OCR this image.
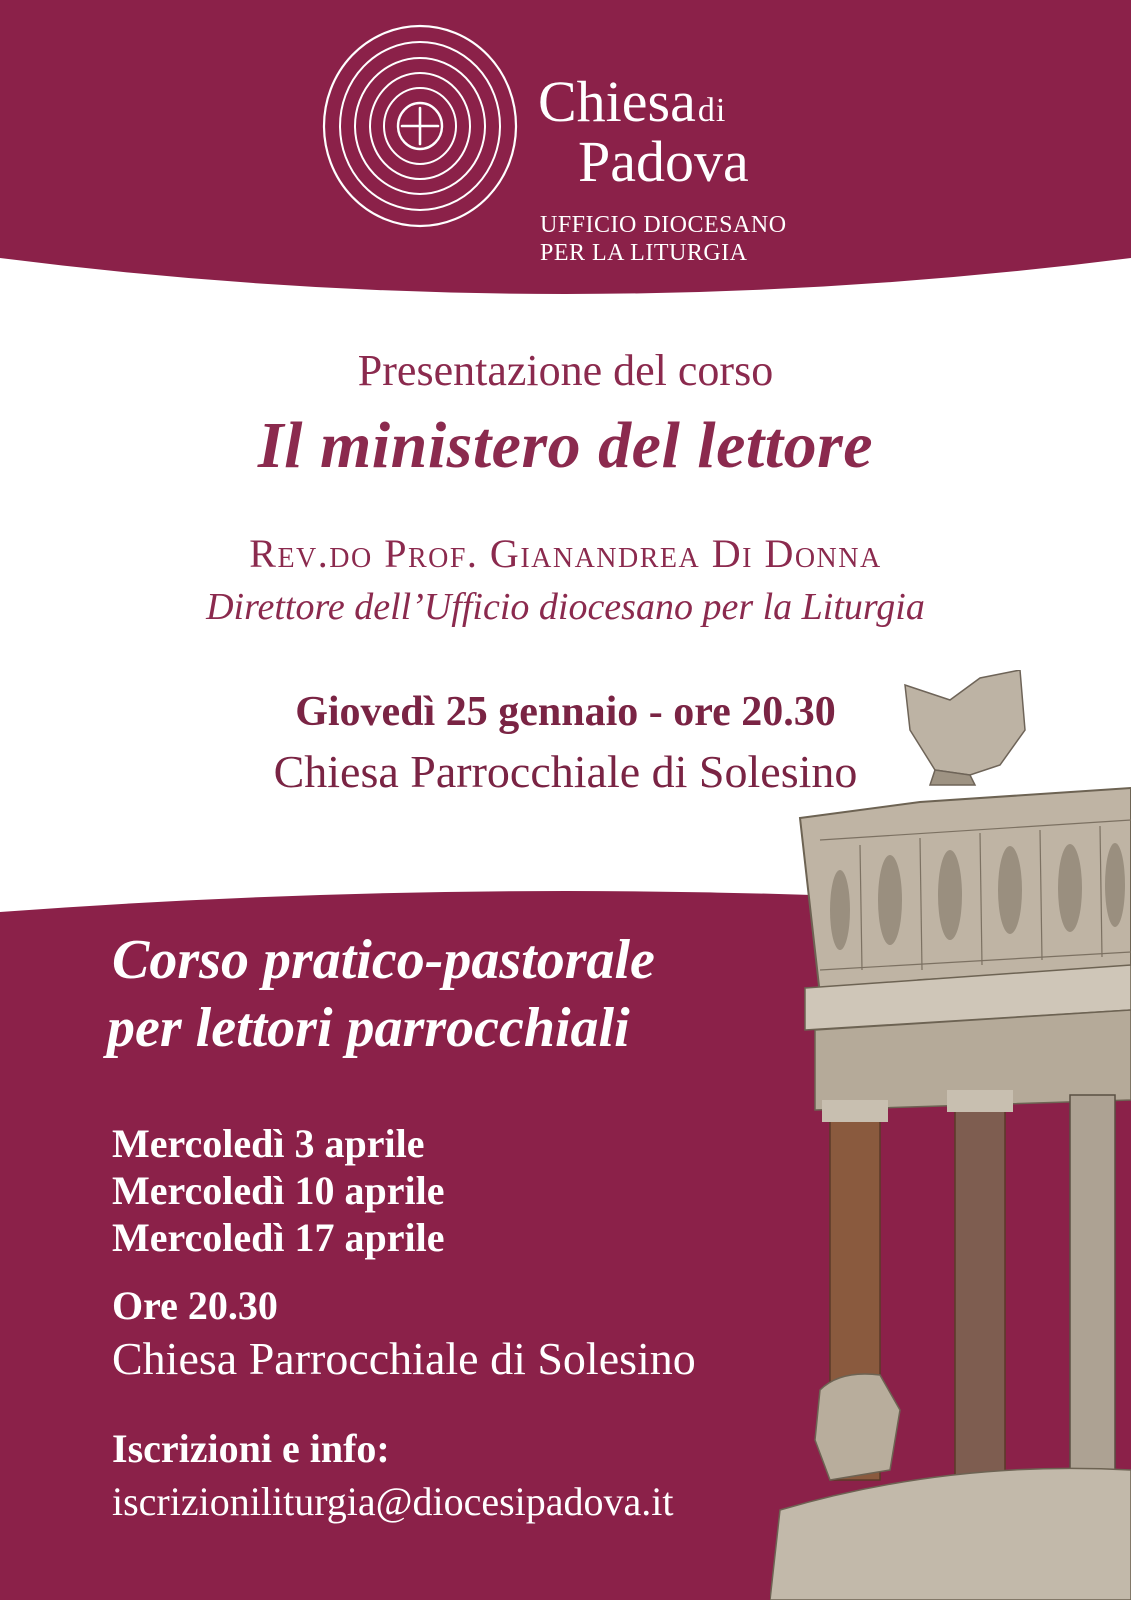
Chiesadi
Padova
UFFICIO DIOCESANO
PER LA LITURGIA
Presentazione del corso
Il ministero del lettore
Rev.do Prof. Gianandrea Di Donna
Direttore dell’Ufficio diocesano per la Liturgia
Giovedì 25 gennaio - ore 20.30
Chiesa Parrocchiale di Solesino
Corso pratico-pastorale
per lettori parrocchiali
Mercoledì 3 aprile
Mercoledì 10 aprile
Mercoledì 17 aprile
Ore 20.30
Chiesa Parrocchiale di Solesino
Iscrizioni e info:
iscrizioniliturgia@diocesipadova.it
